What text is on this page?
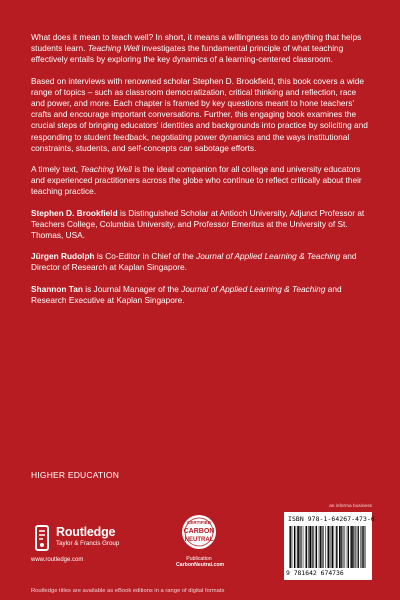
What does it mean to teach well? In short, it means a willingness to do anything that helps students learn. Teaching Well investigates the fundamental principle of what teaching effectively entails by exploring the key dynamics of a learning-centered classroom.

Based on interviews with renowned scholar Stephen D. Brookfield, this book covers a wide range of topics – such as classroom democratization, critical thinking and reflection, race and power, and more. Each chapter is framed by key questions meant to hone teachers' crafts and encourage important conversations. Further, this engaging book examines the crucial steps of bringing educators' identities and backgrounds into practice by soliciting and responding to student feedback, negotiating power dynamics and the ways institutional constraints, students, and self-concepts can sabotage efforts.

A timely text, Teaching Well is the ideal companion for all college and university educators and experienced practitioners across the globe who continue to reflect critically about their teaching practice.

Stephen D. Brookfield is Distinguished Scholar at Antioch University, Adjunct Professor at Teachers College, Columbia University, and Professor Emeritus at the University of St. Thomas, USA.
Jürgen Rudolph is Co-Editor in Chief of the Journal of Applied Learning & Teaching and Director of Research at Kaplan Singapore.
Shannon Tan is Journal Manager of the Journal of Applied Learning & Teaching and Research Executive at Kaplan Singapore.
HIGHER EDUCATION
Routledge
Taylor & Francis Group
www.routledge.com
CERTIFIED
CARBON
NEUTRAL
Publication
CarbonNeutral.com
an informa business
ISBN 978-1-64267-473-6
9 781642 674736
Routledge titles are available as eBook editions in a range of digital formats
